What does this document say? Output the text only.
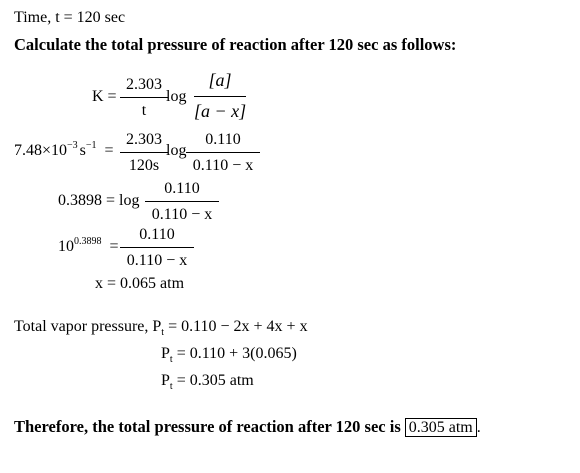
Time, t = 120 sec
Calculate the total pressure of reaction after 120 sec as follows:
K =
2.303
t
log
[a]
[a − x]
$7.48\times 10^{-3}$ $s^{-1}$ =
2.303
120s
log
0.110
0.110 − x
0.3898 = log
0.110
0.110 − x
$10^{0.3898}$ =
0.110
0.110 − x
x = 0.065 atm
Total vapor pressure, $P_t = 0.110 - 2x + 4x + x$
$P_t = 0.110 + 3(0.065)$
$P_t = 0.305$ atm
Therefore, the total pressure of reaction after 120 sec is 0.305 atm .
